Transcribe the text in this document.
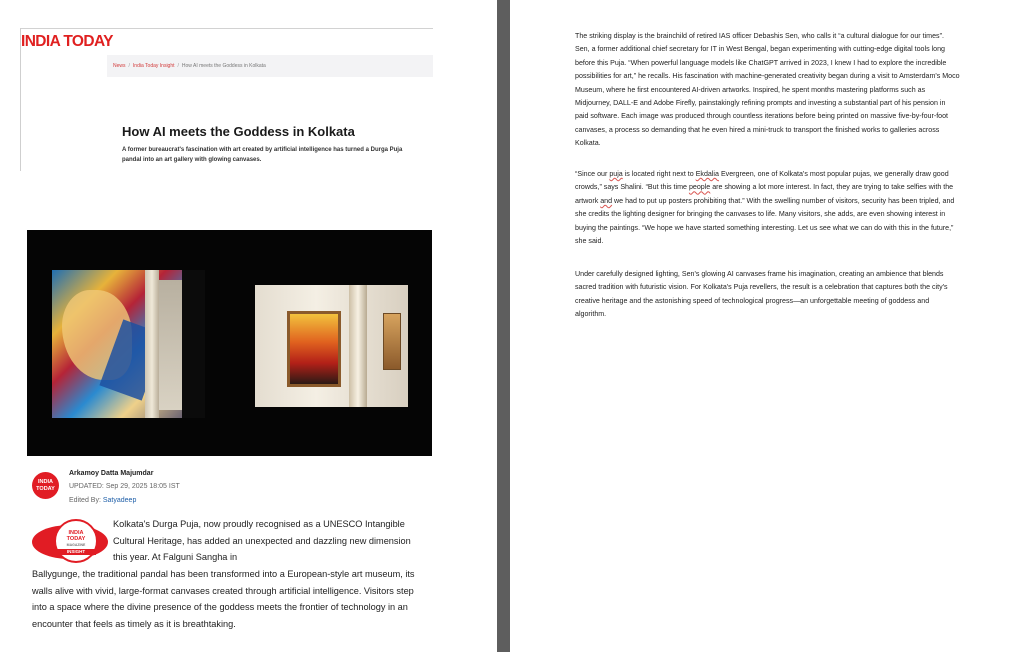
INDIA TODAY
News / India Today Insight / How AI meets the Goddess in Kolkata
How AI meets the Goddess in Kolkata

A former bureaucrat's fascination with art created by artificial intelligence has turned a Durga Puja pandal into an art gallery with glowing canvases.

INDIA TODAY
Arkamoy Datta Majumdar
UPDATED: Sep 29, 2025 18:05 IST
Edited By: Satyadeep
INDIA
TODAY
MAGAZINE
INSIGHT

Kolkata's Durga Puja, now proudly recognised as a UNESCO Intangible Cultural Heritage, has added an unexpected and dazzling new dimension this year. At Falguni Sangha in

Ballygunge, the traditional pandal has been transformed into a European-style art museum, its walls alive with vivid, large-format canvases created through artificial intelligence. Visitors step into a space where the divine presence of the goddess meets the frontier of technology in an encounter that feels as timely as it is breathtaking.

The striking display is the brainchild of retired IAS officer Debashis Sen, who calls it “a cultural dialogue for our times”. Sen, a former additional chief secretary for IT in West Bengal, began experimenting with cutting-edge digital tools long before this Puja. “When powerful language models like ChatGPT arrived in 2023, I knew I had to explore the incredible possibilities for art,” he recalls. His fascination with machine-generated creativity began during a visit to Amsterdam's Moco Museum, where he first encountered AI-driven artworks. Inspired, he spent months mastering platforms such as Midjourney, DALL-E and Adobe Firefly, painstakingly refining prompts and investing a substantial part of his pension in paid software. Each image was produced through countless iterations before being printed on massive five-by-four-foot canvases, a process so demanding that he even hired a mini-truck to transport the finished works to galleries across Kolkata.

“Since our puja is located right next to Ekdalia Evergreen, one of Kolkata's most popular pujas, we generally draw good crowds,” says Shalini. “But this time people are showing a lot more interest. In fact, they are trying to take selfies with the artwork and we had to put up posters prohibiting that.” With the swelling number of visitors, security has been tripled, and she credits the lighting designer for bringing the canvases to life. Many visitors, she adds, are even showing interest in buying the paintings. “We hope we have started something interesting. Let us see what we can do with this in the future,” she said.

Under carefully designed lighting, Sen's glowing AI canvases frame his imagination, creating an ambience that blends sacred tradition with futuristic vision. For Kolkata's Puja revellers, the result is a celebration that captures both the city's creative heritage and the astonishing speed of technological progress—an unforgettable meeting of goddess and algorithm.
